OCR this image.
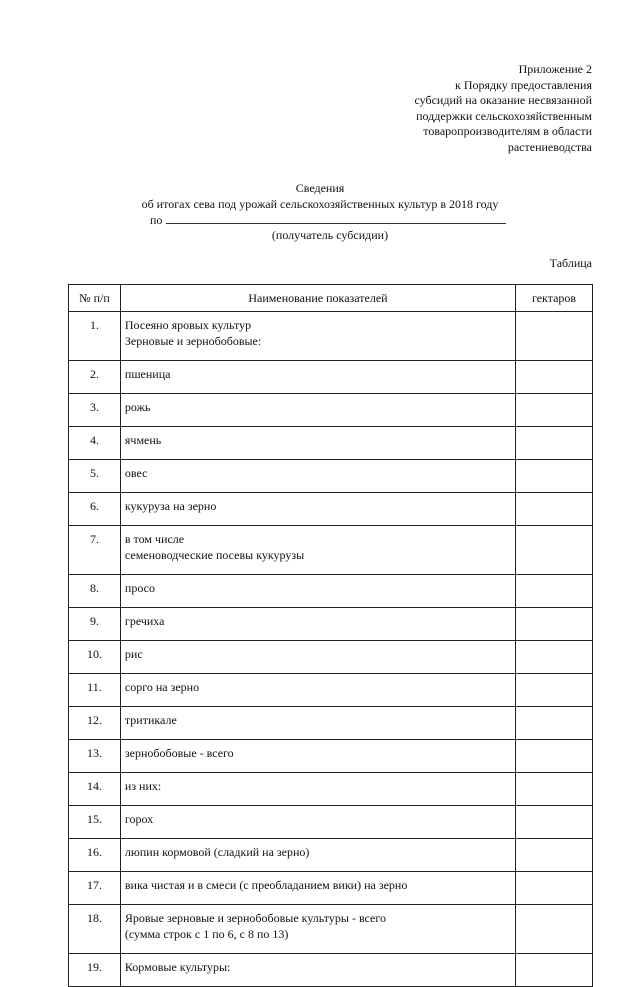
Приложение 2
к Порядку предоставления
субсидий на оказание несвязанной
поддержки сельскохозяйственным
товаропроизводителям в области
растениеводства
Сведения
об итогах сева под урожай сельскохозяйственных культур в 2018 году
по
(получатель субсидии)
Таблица
№ п/п	Наименование показателей	гектаров
1.	Посеяно яровых культур
Зерновые и зернобобовые:	

2.	пшеница	

3.	рожь	

4.	ячмень	

5.	овес	

6.	кукуруза на зерно	

7.	в том числе
семеноводческие посевы кукурузы	

8.	просо	

9.	гречиха	

10.	рис	

11.	сорго на зерно	

12.	тритикале	

13.	зернобобовые - всего	

14.	из них:	

15.	горох	

16.	люпин кормовой (сладкий на зерно)	

17.	вика чистая и в смеси (с преобладанием вики) на зерно	

18.	Яровые зерновые и зернобобовые культуры - всего
(сумма строк с 1 по 6, с 8 по 13)	

19.	Кормовые культуры:	
